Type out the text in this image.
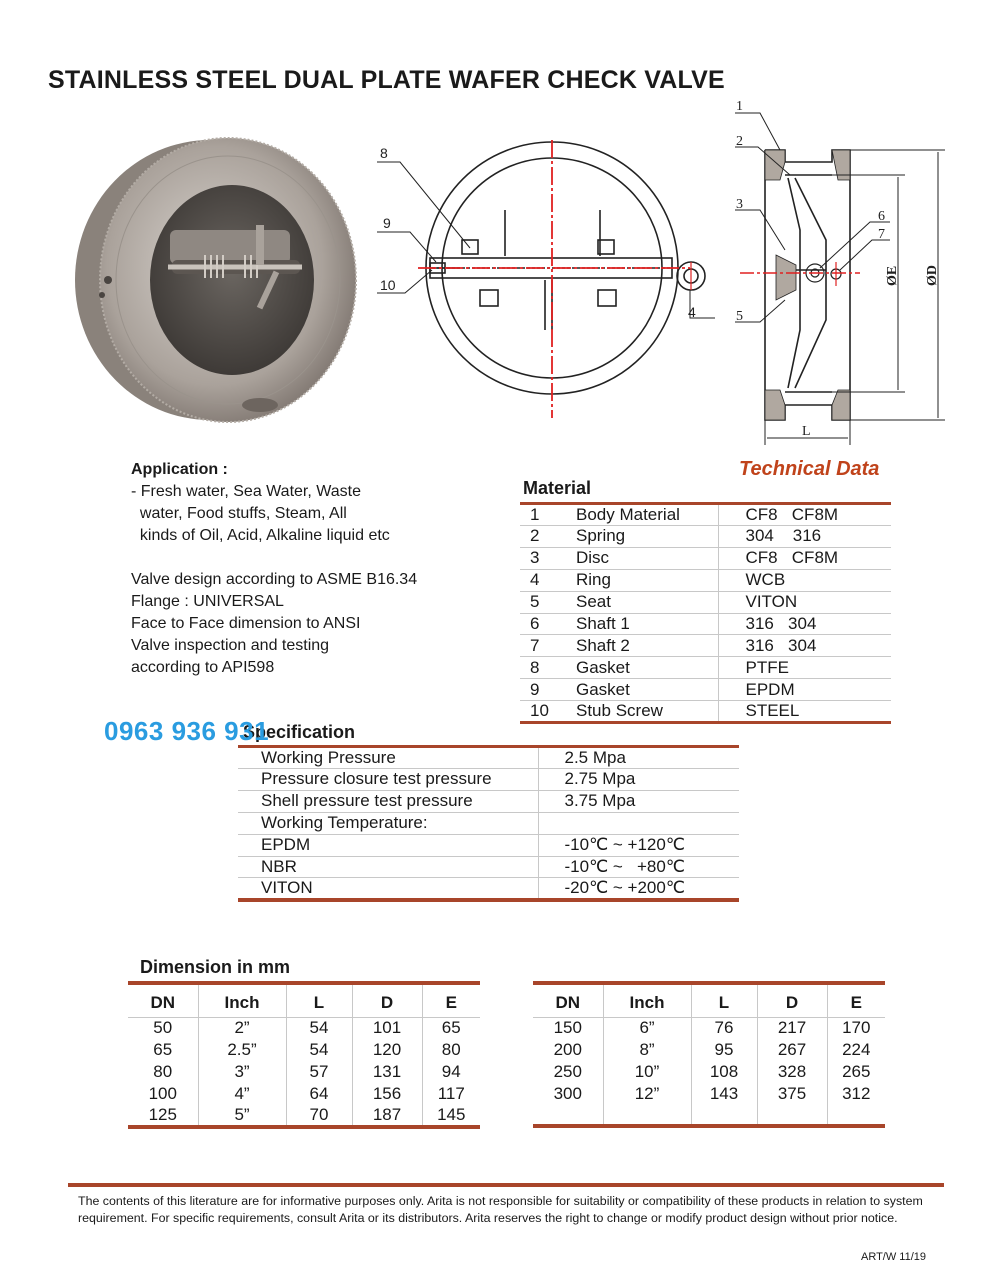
STAINLESS STEEL DUAL PLATE WAFER CHECK VALVE
8
9
10
4
1
2
3
5
6
7
ØE ØD
L
Application :
- Fresh water, Sea Water, Waste
water, Food stuffs, Steam, All
kinds of Oil, Acid, Alkaline liquid etc
Valve design according to ASME B16.34
Flange : UNIVERSAL
Face to Face dimension to ANSI
Valve inspection and testing
according to API598
Technical Data
Material
1	Body Material	CF8   CF8M
2	Spring	304    316
3	Disc	CF8   CF8M
4	Ring	WCB
5	Seat	VITON
6	Shaft 1	316   304
7	Shaft 2	316   304
8	Gasket	PTFE
9	Gasket	EPDM
10	Stub Screw	STEEL
0963 936 931
Specification
Working Pressure	2.5 Mpa
Pressure closure test pressure	2.75 Mpa
Shell pressure test pressure	3.75 Mpa
Working Temperature:	
EPDM	-10℃ ~ +120℃
NBR	-10℃ ~   +80℃
VITON	-20℃ ~ +200℃
Dimension in mm
DN	Inch	L	D	E
50	2”	54	101	65
65	2.5”	54	120	80
80	3”	57	131	94
100	4”	64	156	117
125	5”	70	187	145
DN	Inch	L	D	E
150	6”	76	217	170
200	8”	95	267	224
250	10”	108	328	265
300	12”	143	375	312

The contents of this literature are for informative purposes only. Arita is not responsible for suitability or compatibility of these products in relation to system requirement. For specific requirements, consult Arita or its distributors. Arita reserves the right to change or modify product design without prior notice.
ART/W 11/19
